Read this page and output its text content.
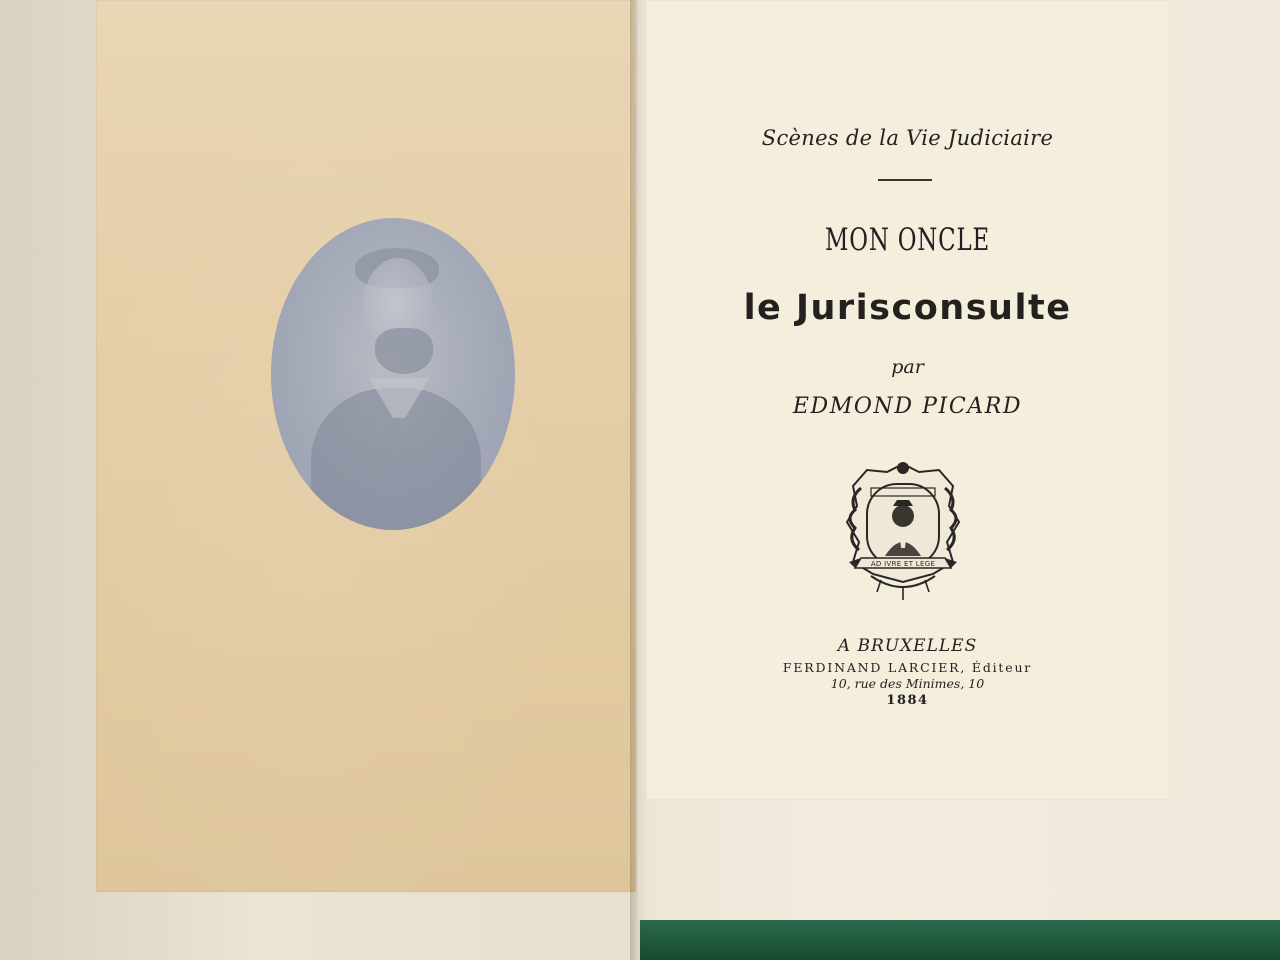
Scènes de la Vie Judiciaire
MON ONCLE
le Jurisconsulte
par
EDMOND PICARD
AD IVRE ET LEGE
A BRUXELLES
FERDINAND LARCIER, Éditeur
10, rue des Minimes, 10
1884
